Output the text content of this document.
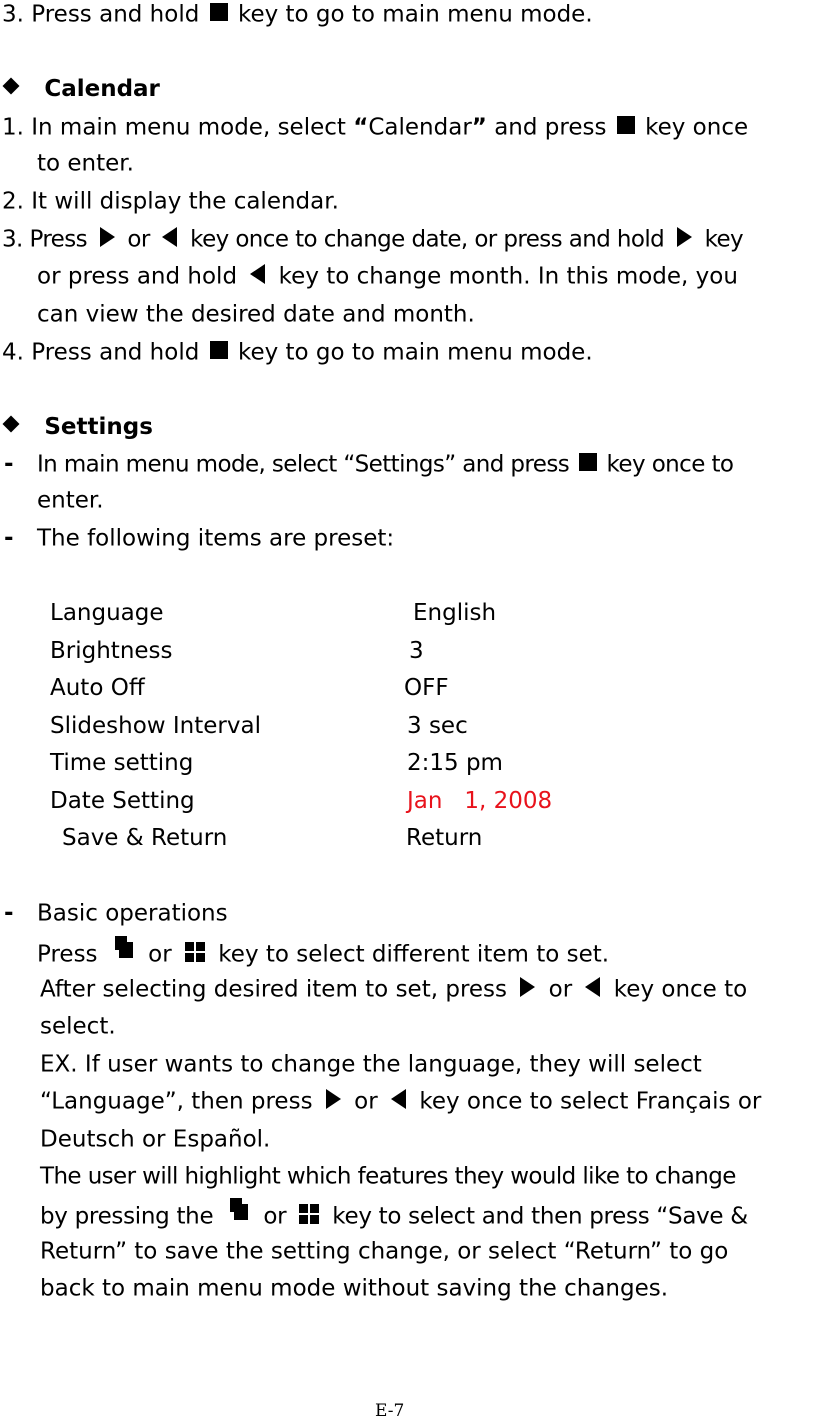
3. Press and hold  key to go to main menu mode.
Calendar
1. In main menu mode, select “Calendar” and press  key once
to enter.
2. It will display the calendar.
3. Press  or  key once to change date, or press and hold  key
or press and hold  key to change month. In this mode, you
can view the desired date and month.
4. Press and hold  key to go to main menu mode.
Settings
- In main menu mode, select “Settings” and press  key once to
enter.
- The following items are preset:
Language	English
Brightness	3
Auto Off	OFF
Slideshow Interval	3 sec
Time setting	2:15 pm
Date Setting	Jan   1, 2008
Save & Return	Return
- Basic operations
Press
or
key to select different item to set.
After selecting desired item to set, press  or  key once to
select.
EX. If user wants to change the language, they will select
“Language”, then press  or  key once to select Français or
Deutsch or Español.
The user will highlight which features they would like to change
by pressing the
or
key to select and then press “Save &
Return” to save the setting change, or select “Return” to go
back to main menu mode without saving the changes.
E-7
